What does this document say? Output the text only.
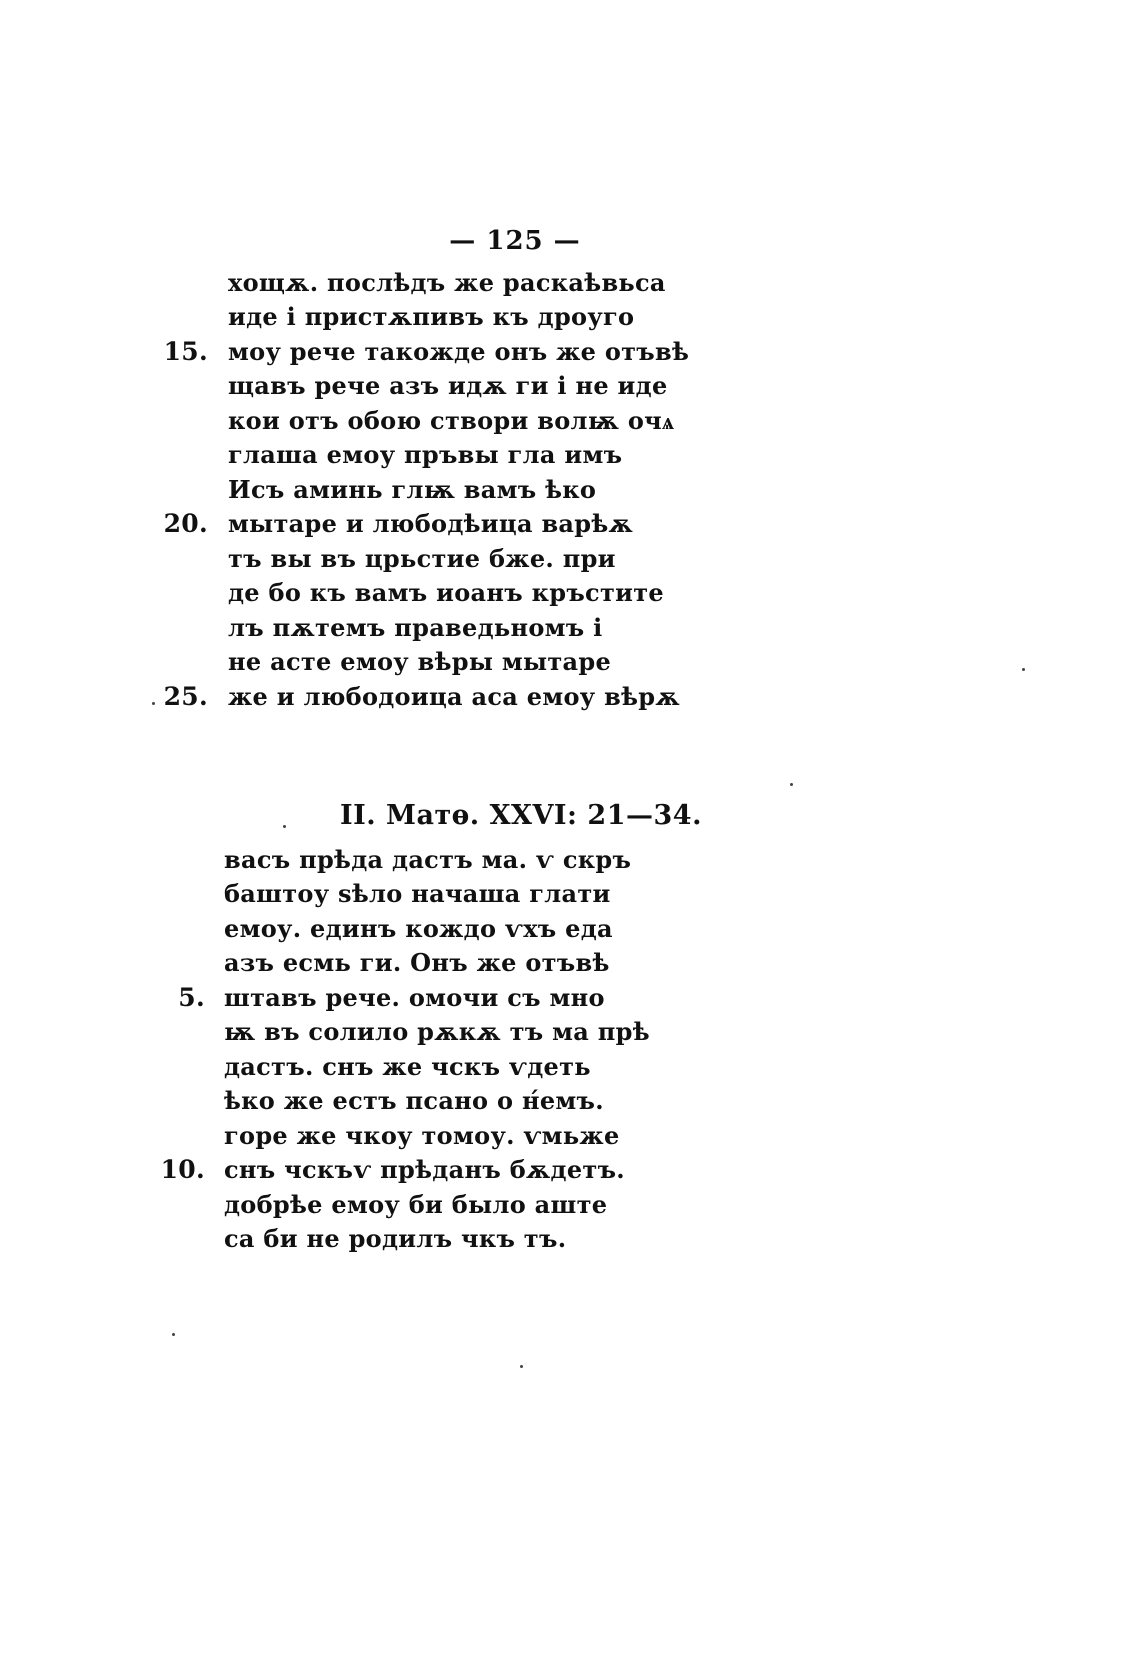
— 125 —
хощѫ. послѣдъ же раскаѣвьса
иде і пристѫпивъ къ дроуго
15. моу рече такожде онъ же отъвѣ
щавъ рече азъ идѫ ги і не иде
кои отъ обою створи волѭ очѧ
глаша емоу пръвы гла имъ
Исъ аминь глѭ вамъ ѣко
20. мытаре и любодѣица варѣѫ
тъ вы въ црьстие бже. при
де бо къ вамъ иоанъ кръстите
лъ пѫтемъ праведьномъ і
не асте емоу вѣры мытаре
25. же и любодоица аса емоу вѣрѫ
II. Матѳ. XXVI: 21—34.
васъ прѣда дастъ ма. ѵ скръ
баштоу ѕѣло начаша глати
емоу. единъ кождо ѵхъ еда
азъ есмь ги. Онъ же отъвѣ
5. штавъ рече. омочи съ мно
ѭ въ солило рѫкѫ тъ ма прѣ
дастъ. снъ же чскъ ѵдеть
ѣко же естъ псано о н́емъ.
горе же чкоу томоу. ѵмьже
10. снъ чскъѵ прѣданъ бѫдетъ.
добрѣе емоу би было аште
са би не родилъ чкъ тъ.
